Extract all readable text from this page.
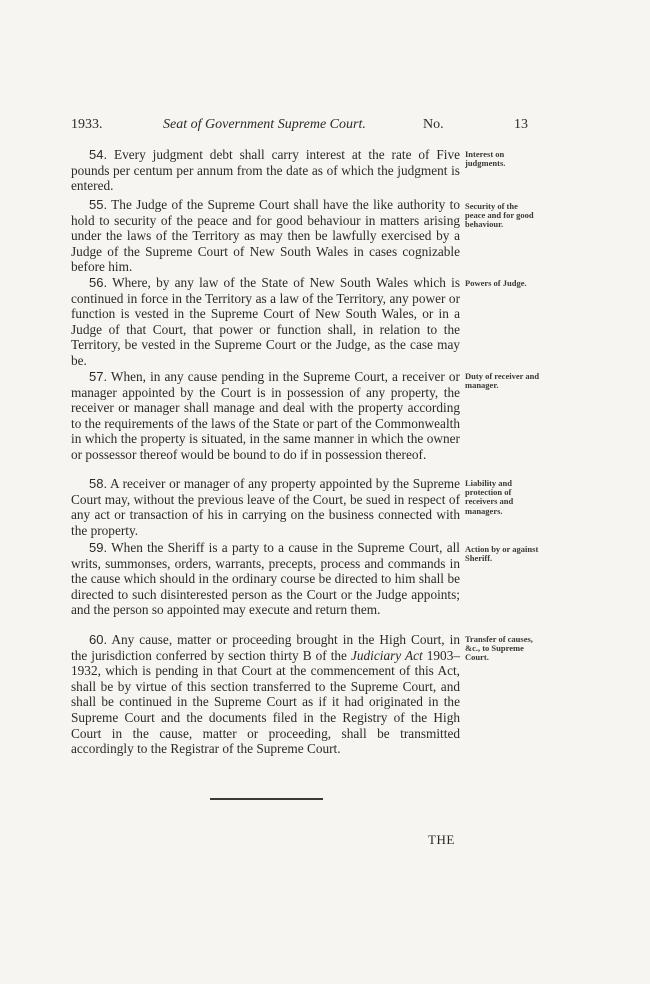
1933.	Seat of Government Supreme Court.	No.	13

54. Every judgment debt shall carry interest at the rate of Five pounds per centum per annum from the date as of which the judgment is entered.

Interest on judgments.

55. The Judge of the Supreme Court shall have the like authority to hold to security of the peace and for good behaviour in matters arising under the laws of the Territory as may then be lawfully exercised by a Judge of the Supreme Court of New South Wales in cases cognizable before him.

Security of the peace and for good behaviour.

56. Where, by any law of the State of New South Wales which is continued in force in the Territory as a law of the Territory, any power or function is vested in the Supreme Court of New South Wales, or in a Judge of that Court, that power or function shall, in relation to the Territory, be vested in the Supreme Court or the Judge, as the case may be.

Powers of Judge.

57. When, in any cause pending in the Supreme Court, a receiver or manager appointed by the Court is in possession of any property, the receiver or manager shall manage and deal with the property according to the requirements of the laws of the State or part of the Commonwealth in which the property is situated, in the same manner in which the owner or possessor thereof would be bound to do if in possession thereof.

Duty of receiver and manager.

58. A receiver or manager of any property appointed by the Supreme Court may, without the previous leave of the Court, be sued in respect of any act or transaction of his in carrying on the business connected with the property.

Liability and protection of receivers and managers.

59. When the Sheriff is a party to a cause in the Supreme Court, all writs, summonses, orders, warrants, precepts, process and commands in the cause which should in the ordinary course be directed to him shall be directed to such disinterested person as the Court or the Judge appoints; and the person so appointed may execute and return them.

Action by or against Sheriff.

60. Any cause, matter or proceeding brought in the High Court, in the jurisdiction conferred by section thirty B of the Judiciary Act 1903–1932, which is pending in that Court at the commencement of this Act, shall be by virtue of this section transferred to the Supreme Court, and shall be continued in the Supreme Court as if it had originated in the Supreme Court and the documents filed in the Registry of the High Court in the cause, matter or proceeding, shall be transmitted accordingly to the Registrar of the Supreme Court.

Transfer of causes, &c., to Supreme Court.
THE
